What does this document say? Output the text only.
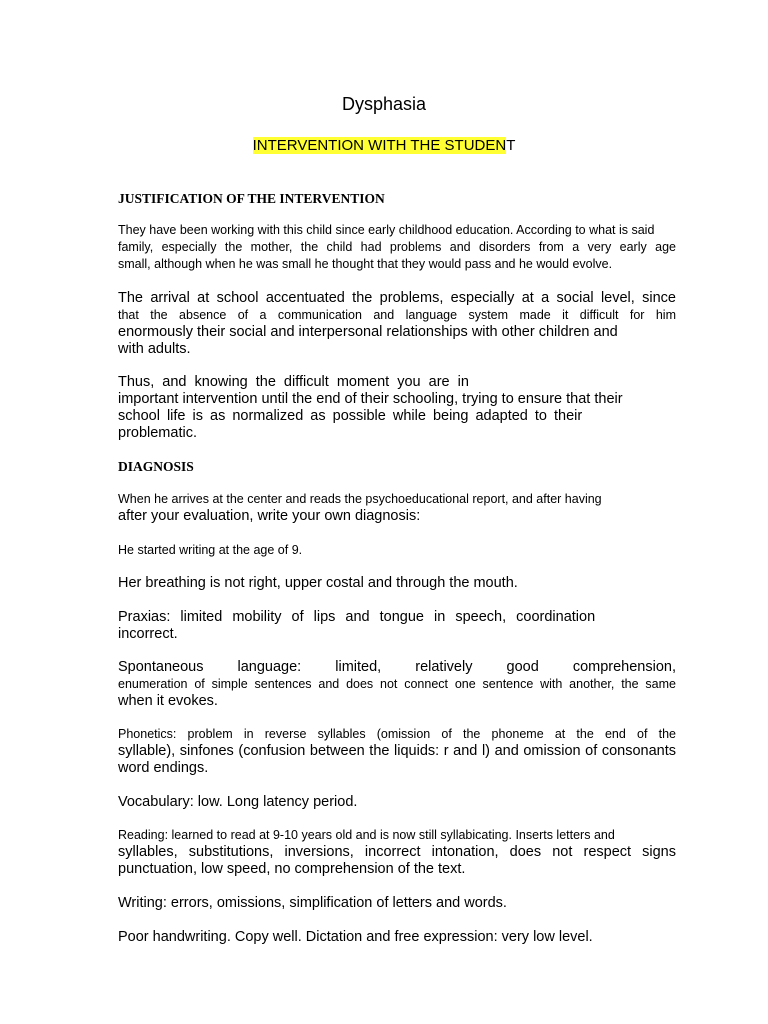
Dysphasia
INTERVENTION WITH THE STUDENT
JUSTIFICATION OF THE INTERVENTION
They have been working with this child since early childhood education. According to what is said
family, especially the mother, the child had problems and disorders from a very early age
small, although when he was small he thought that they would pass and he would evolve.
The arrival at school accentuated the problems, especially at a social level, since
that the absence of a communication and language system made it difficult for him
enormously their social and interpersonal relationships with other children and
with adults.
Thus, and knowing the difficult moment you are in
important intervention until the end of their schooling, trying to ensure that their
school life is as normalized as possible while being adapted to their
problematic.
DIAGNOSIS
When he arrives at the center and reads the psychoeducational report, and after having
after your evaluation, write your own diagnosis:
He started writing at the age of 9.
Her breathing is not right, upper costal and through the mouth.
Praxias: limited mobility of lips and tongue in speech, coordination
incorrect.
Spontaneous language: limited, relatively good comprehension,
enumeration of simple sentences and does not connect one sentence with another, the same
when it evokes.
Phonetics: problem in reverse syllables (omission of the phoneme at the end of the
syllable), sinfones (confusion between the liquids: r and l) and omission of consonants
word endings.
Vocabulary: low. Long latency period.
Reading: learned to read at 9-10 years old and is now still syllabicating. Inserts letters and
syllables, substitutions, inversions, incorrect intonation, does not respect signs
punctuation, low speed, no comprehension of the text.
Writing: errors, omissions, simplification of letters and words.
Poor handwriting. Copy well. Dictation and free expression: very low level.
